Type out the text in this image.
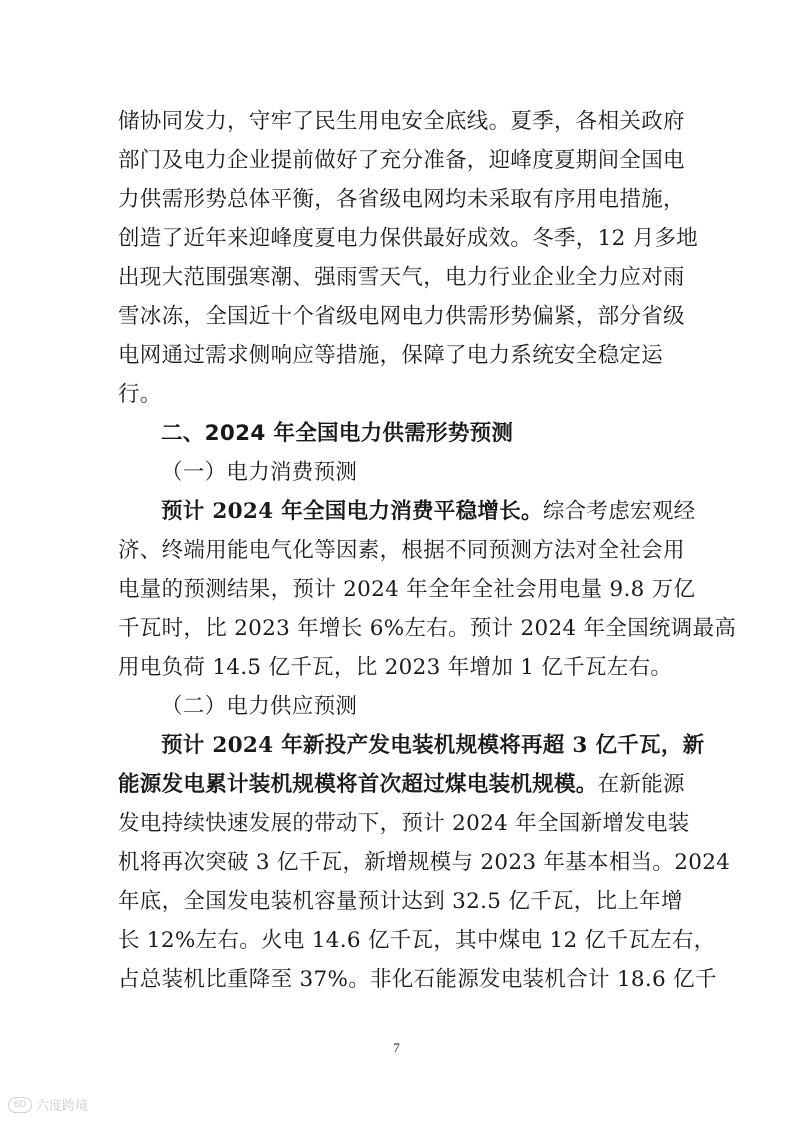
储协同发力，守牢了民生用电安全底线。夏季，各相关政府
部门及电力企业提前做好了充分准备，迎峰度夏期间全国电
力供需形势总体平衡，各省级电网均未采取有序用电措施，
创造了近年来迎峰度夏电力保供最好成效。冬季，12 月多地
出现大范围强寒潮、强雨雪天气，电力行业企业全力应对雨
雪冰冻，全国近十个省级电网电力供需形势偏紧，部分省级
电网通过需求侧响应等措施，保障了电力系统安全稳定运
行。
二、2024 年全国电力供需形势预测
（一）电力消费预测
预计 2024 年全国电力消费平稳增长。综合考虑宏观经
济、终端用能电气化等因素，根据不同预测方法对全社会用
电量的预测结果，预计 2024 年全年全社会用电量 9.8 万亿
千瓦时，比 2023 年增长 6%左右。预计 2024 年全国统调最高
用电负荷 14.5 亿千瓦，比 2023 年增加 1 亿千瓦左右。
（二）电力供应预测
预计 2024 年新投产发电装机规模将再超 3 亿千瓦，新
能源发电累计装机规模将首次超过煤电装机规模。在新能源
发电持续快速发展的带动下，预计 2024 年全国新增发电装
机将再次突破 3 亿千瓦，新增规模与 2023 年基本相当。2024
年底，全国发电装机容量预计达到 32.5 亿千瓦，比上年增
长 12%左右。火电 14.6 亿千瓦，其中煤电 12 亿千瓦左右，
占总装机比重降至 37%。非化石能源发电装机合计 18.6 亿千
7
6D 六度跨境
